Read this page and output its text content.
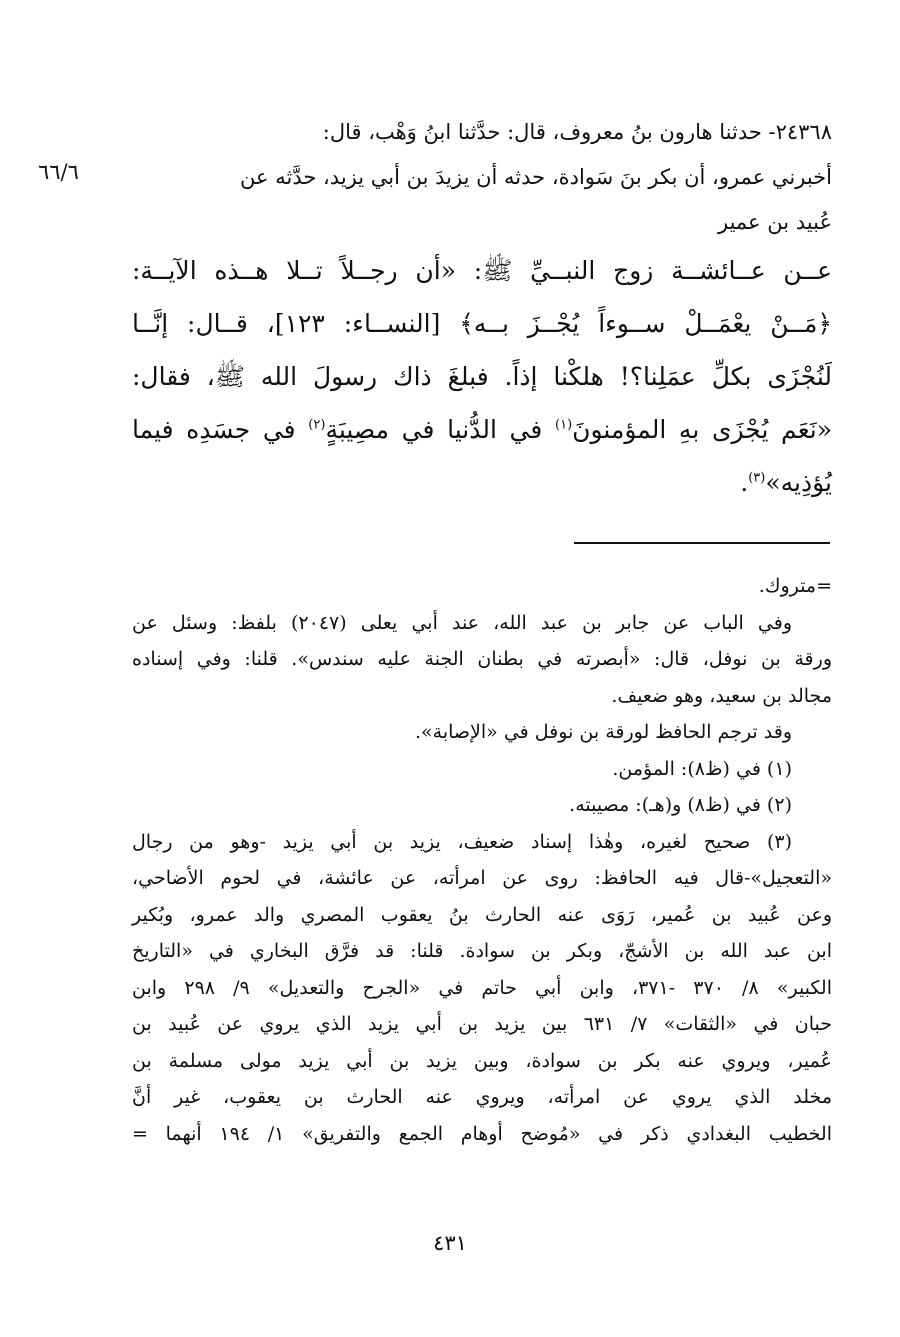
٢٤٣٦٨- حدثنا هارون بنُ معروف، قال: حدَّثنا ابنُ وَهْب، قال:
أخبرني عمرو، أن بكر بنَ سَوادة، حدثه أن يزيدَ بن أبي يزيد، حدَّثه عن
عُبيد بن عمير
٦٦/٦
عــن عــائشــة زوج النبــيِّ ﷺ: «أن رجــلاً تــلا هــذه الآيــة:
﴿مَــنْ يعْمَــلْ ســوءاً يُجْــزَ بــه﴾ [النســاء: ١٢٣]، قــال: إنَّــا
لَنُجْزَى بكلِّ عمَلِنا؟! هلكْنا إذاً. فبلغَ ذاك رسولَ الله ﷺ، فقال:
«نَعَم يُجْزَى بهِ المؤمنونَ$^{(١)}$ في الدُّنيا في مصِيبَةٍ$^{(٢)}$ في جسَدِه فيما
يُؤذِيه»$^{(٣)}$.
=متروك.
وفي الباب عن جابر بن عبد الله، عند أبي يعلى (٢٠٤٧) بلفظ: وسئل عن
ورقة بن نوفل، قال: «أبصرته في بطنان الجنة عليه سندس». قلنا: وفي إسناده
مجالد بن سعيد، وهو ضعيف.
وقد ترجم الحافظ لورقة بن نوفل في «الإصابة».
(١) في (ظ٨): المؤمن.
(٢) في (ظ٨) و(هـ): مصيبته.
(٣) صحيح لغيره، وهٰذا إسناد ضعيف، يزيد بن أبي يزيد -وهو من رجال
«التعجيل»-قال فيه الحافظ: روى عن امرأته، عن عائشة، في لحوم الأضاحي،
وعن عُبيد بن عُمير، رَوَى عنه الحارث بنُ يعقوب المصري والد عمرو، وبُكير
ابن عبد الله بن الأشجّ، وبكر بن سوادة. قلنا: قد فرَّق البخاري في «التاريخ
الكبير» ٨/ ٣٧٠ -٣٧١، وابن أبي حاتم في «الجرح والتعديل» ٩/ ٢٩٨ وابن
حبان في «الثقات» ٧/ ٦٣١ بين يزيد بن أبي يزيد الذي يروي عن عُبيد بن
عُمير، ويروي عنه بكر بن سوادة، وبين يزيد بن أبي يزيد مولى مسلمة بن
مخلد الذي يروي عن امرأته، ويروي عنه الحارث بن يعقوب، غير أنَّ
الخطيب البغدادي ذكر في «مُوضح أوهام الجمع والتفريق» ١/ ١٩٤ أنهما =
٤٣١
